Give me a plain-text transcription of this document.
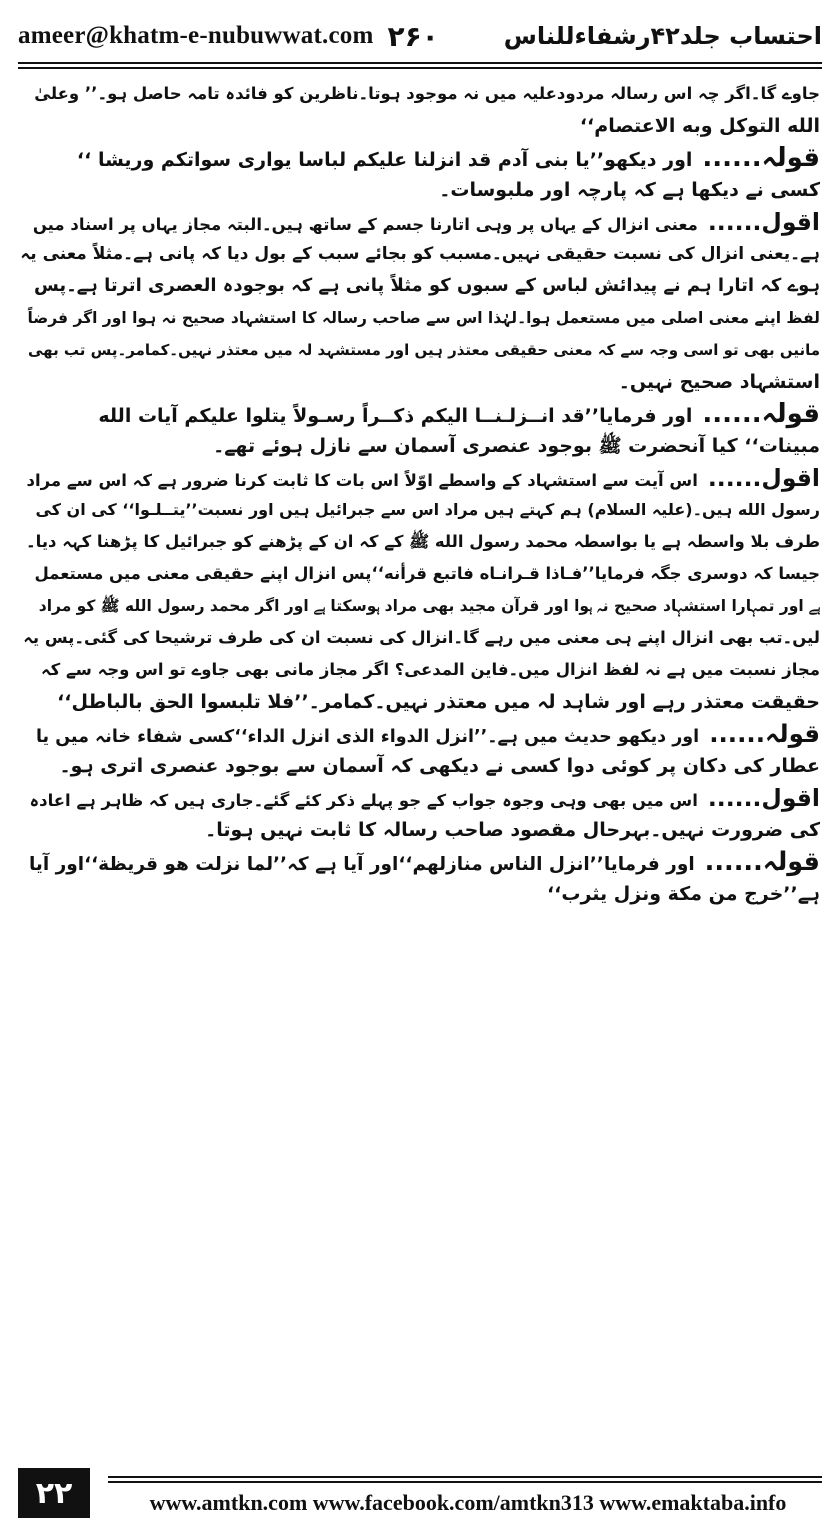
ameer@khatm-e-nubuwwat.com ۲۶۰	احتساب جلد۴۲رشفاءللناس
جاوے گا۔اگر چہ اس رسالہ مردودعلیہ میں نہ موجود ہوتا۔ناظرین کو فائدہ تامہ حاصل ہو۔’’ وعلیٰ
الله التوكل وبه الاعتصام‘‘
قولہ......اور دیکھو’’یا بنی آدم قد انزلنا علیکم لباسا یواری سواتکم وریشا ‘‘
کسی نے دیکھا ہے کہ پارچہ اور ملبوسات۔
اقول......معنی انزال کے یہاں پر وہی اتارنا جسم کے ساتھ ہیں۔البتہ مجاز یہاں پر اسناد میں
ہے۔یعنی انزال کی نسبت حقیقی نہیں۔مسبب کو بجائے سبب کے بول دیا کہ پانی ہے۔مثلاً معنی یہ
ہوے کہ اتارا ہم نے پیدائش لباس کے سبوں کو مثلاً پانی ہے کہ بوجودہ العصری اترتا ہے۔پس
لفظ اپنے معنی اصلی میں مستعمل ہوا۔لہٰذا اس سے صاحب رسالہ کا استشہاد صحیح نہ ہوا اور اگر فرضاً
مانیں بھی تو اسی وجہ سے کہ معنی حقیقی معتذر ہیں اور مستشہد لہ میں معتذر نہیں۔کمامر۔پس تب بھی
استشہاد صحیح نہیں۔
قولہ......اور فرمایا’’قد انــزلـنــا الیکم ذکــراً رسـولاً یتلوا علیکم آیات الله
مبینات‘‘ کیا آنحضرت ﷺ بوجود عنصری آسمان سے نازل ہوئے تھے۔
اقول......اس آیت سے استشہاد کے واسطے اوّلاً اس بات کا ثابت کرنا ضرور ہے کہ اس سے مراد
رسول الله ہیں۔(علیہ السلام) ہم کہتے ہیں مراد اس سے جبرائیل ہیں اور نسبت’’یتــلـوا‘‘ کی ان کی
طرف بلا واسطہ ہے یا بواسطہ محمد رسول الله ﷺ کے کہ ان کے پڑھنے کو جبرائیل کا پڑھنا کہہ دیا۔
جیسا کہ دوسری جگہ فرمایا’’فـاذا قـرانـاه فاتبع قرأنه‘‘پس انزال اپنے حقیقی معنی میں مستعمل
ہے اور تمہارا استشہاد صحیح نہ ہوا اور قرآن مجید بھی مراد ہوسکتا ہے اور اگر محمد رسول الله ﷺ کو مراد
لیں۔تب بھی انزال اپنے ہی معنی میں رہے گا۔انزال کی نسبت ان کی طرف ترشیحا کی گئی۔پس یہ
مجاز نسبت میں ہے نہ لفظ انزال میں۔فاین المدعی؟ اگر مجاز مانی بھی جاوے تو اس وجہ سے کہ
حقیقت معتذر رہے اور شاہد لہ میں معتذر نہیں۔کمامر۔’’فلا تلبسوا الحق بالباطل‘‘
قولہ......اور دیکھو حدیث میں ہے۔’’انزل الدواء الذی انزل الداء‘‘کسی شفاء خانہ میں یا
عطار کی دکان پر کوئی دوا کسی نے دیکھی کہ آسمان سے بوجود عنصری اتری ہو۔
اقول......اس میں بھی وہی وجوہ جواب کے جو پہلے ذکر کئے گئے۔جاری ہیں کہ ظاہر ہے اعادہ
کی ضرورت نہیں۔بہرحال مقصود صاحب رسالہ کا ثابت نہیں ہوتا۔
قولہ......اور فرمایا’’انزل الناس منازلهم‘‘اور آیا ہے کہ’’لما نزلت هو قريظة‘‘اور آیا
ہے’’خرج من مكة ونزل يثرب‘‘
۲۲	www.amtkn.com www.facebook.com/amtkn313 www.emaktaba.info
